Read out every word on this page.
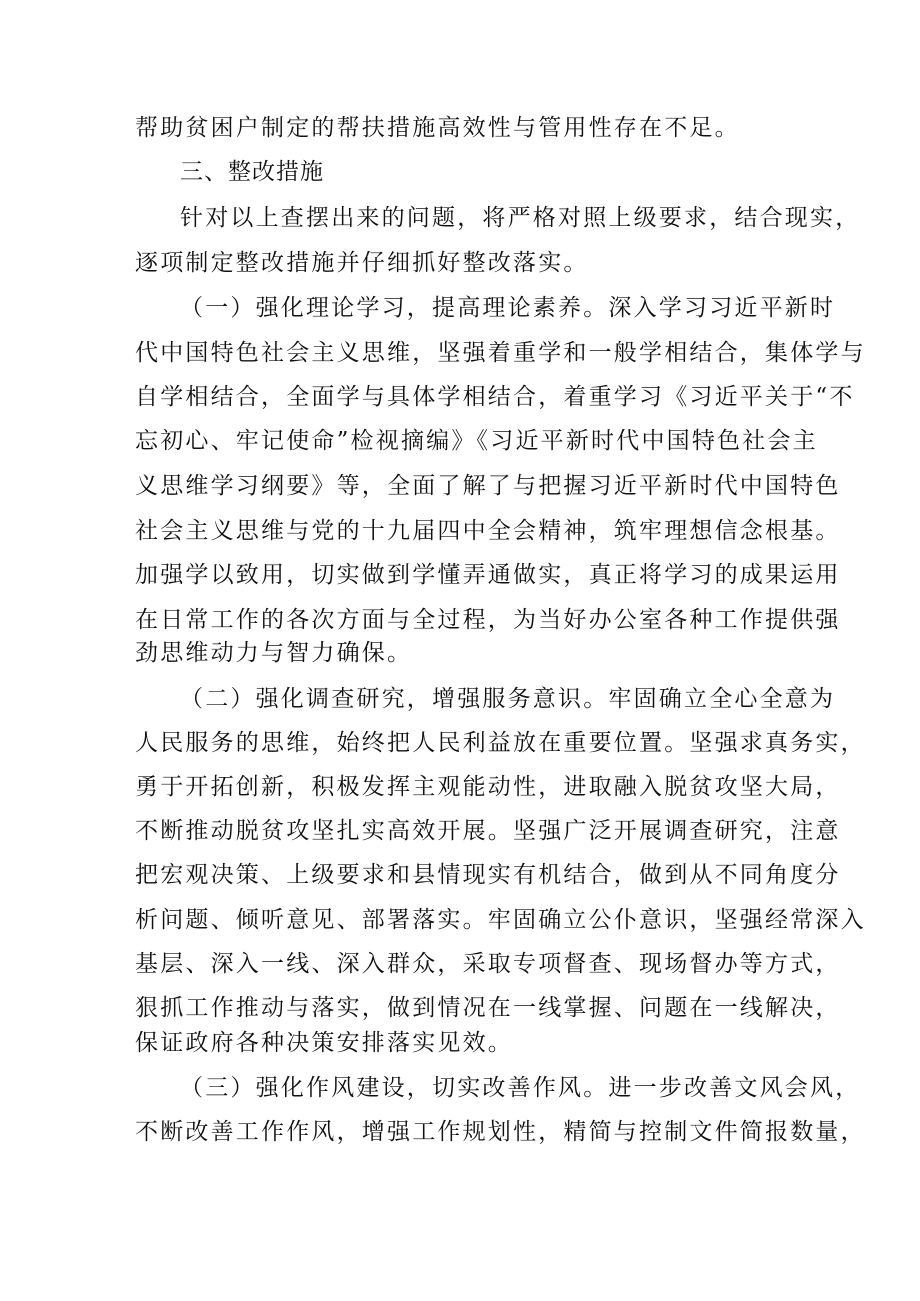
帮助贫困户制定的帮扶措施高效性与管用性存在不足。
三、整改措施
针对以上查摆出来的问题，将严格对照上级要求，结合现实，
逐项制定整改措施并仔细抓好整改落实。
（一）强化理论学习，提高理论素养。深入学习习近平新时
代中国特色社会主义思维，坚强着重学和一般学相结合，集体学与
自学相结合，全面学与具体学相结合，着重学习《习近平关于“不
忘初心、牢记使命”检视摘编》《习近平新时代中国特色社会主
义思维学习纲要》等，全面了解了与把握习近平新时代中国特色
社会主义思维与党的十九届四中全会精神，筑牢理想信念根基。
加强学以致用，切实做到学懂弄通做实，真正将学习的成果运用
在日常工作的各次方面与全过程，为当好办公室各种工作提供强
劲思维动力与智力确保。
（二）强化调查研究，增强服务意识。牢固确立全心全意为
人民服务的思维，始终把人民利益放在重要位置。坚强求真务实，
勇于开拓创新，积极发挥主观能动性，进取融入脱贫攻坚大局，
不断推动脱贫攻坚扎实高效开展。坚强广泛开展调查研究，注意
把宏观决策、上级要求和县情现实有机结合，做到从不同角度分
析问题、倾听意见、部署落实。牢固确立公仆意识，坚强经常深入
基层、深入一线、深入群众，采取专项督查、现场督办等方式，
狠抓工作推动与落实，做到情况在一线掌握、问题在一线解决，
保证政府各种决策安排落实见效。
（三）强化作风建设，切实改善作风。进一步改善文风会风，
不断改善工作作风，增强工作规划性，精简与控制文件简报数量，
